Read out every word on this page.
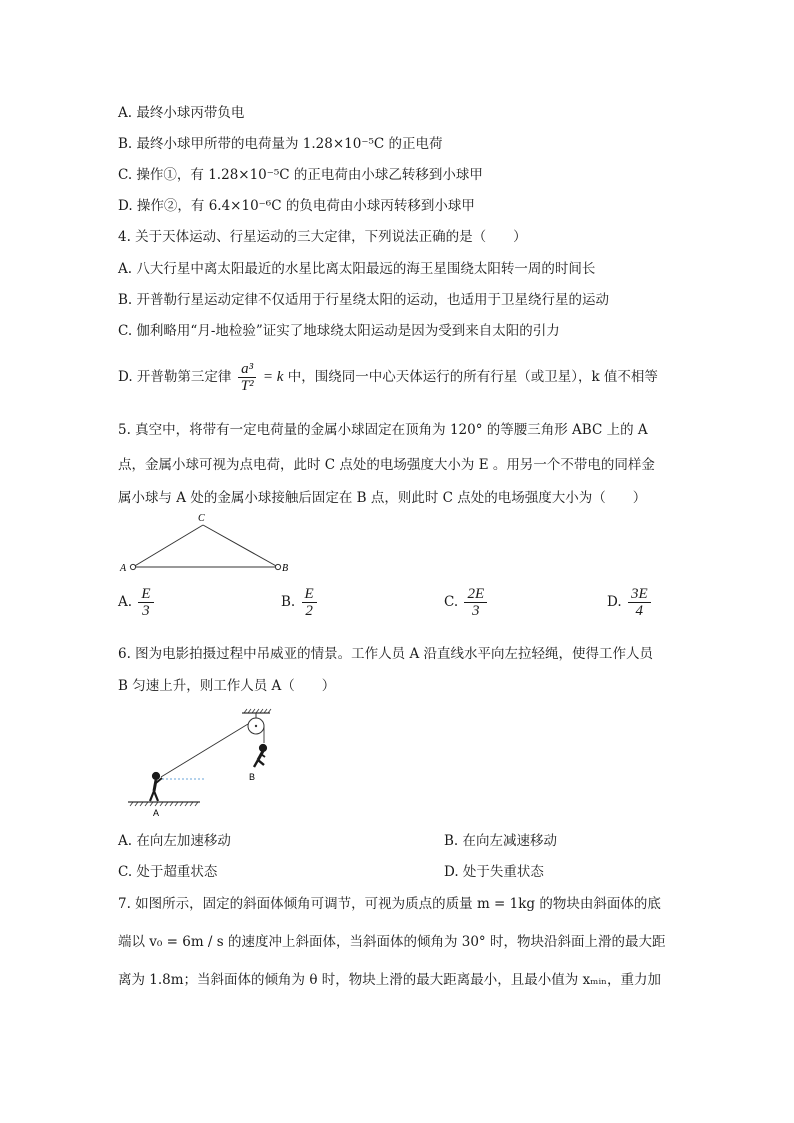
A. 最终小球丙带负电
B. 最终小球甲所带的电荷量为 1.28×10⁻⁵C 的正电荷
C. 操作①，有 1.28×10⁻⁵C 的正电荷由小球乙转移到小球甲
D. 操作②，有 6.4×10⁻⁶C 的负电荷由小球丙转移到小球甲
4. 关于天体运动、行星运动的三大定律，下列说法正确的是（　　）
A. 八大行星中离太阳最近的水星比离太阳最远的海王星围绕太阳转一周的时间长
B. 开普勒行星运动定律不仅适用于行星绕太阳的运动，也适用于卫星绕行星的运动
C. 伽利略用“月-地检验”证实了地球绕太阳运动是因为受到来自太阳的引力
D. 开普勒第三定律 $\frac{\text{a³}}{\text{T²}} = k$ 中，围绕同一中心天体运行的所有行星（或卫星），k 值不相等
5. 真空中，将带有一定电荷量的金属小球固定在顶角为 120° 的等腰三角形 ABC 上的 A
点，金属小球可视为点电荷，此时 C 点处的电场强度大小为 E 。用另一个不带电的同样金
属小球与 A 处的金属小球接触后固定在 B 点，则此时 C 点处的电场强度大小为（　　）
C
A	B
A. $\frac{E}{3}$	B. $\frac{E}{2}$	C. $\frac{2E}{3}$	D. $\frac{3E}{4}$
6. 图为电影拍摄过程中吊威亚的情景。工作人员 A 沿直线水平向左拉轻绳，使得工作人员
B 匀速上升，则工作人员 A（　　）
B
A
A. 在向左加速移动	B. 在向左减速移动
C. 处于超重状态	D. 处于失重状态
7. 如图所示，固定的斜面体倾角可调节，可视为质点的质量 m = 1kg 的物块由斜面体的底
端以 v₀ = 6m / s 的速度冲上斜面体，当斜面体的倾角为 30° 时，物块沿斜面上滑的最大距
离为 1.8m；当斜面体的倾角为 θ 时，物块上滑的最大距离最小，且最小值为 xₘᵢₙ，重力加
